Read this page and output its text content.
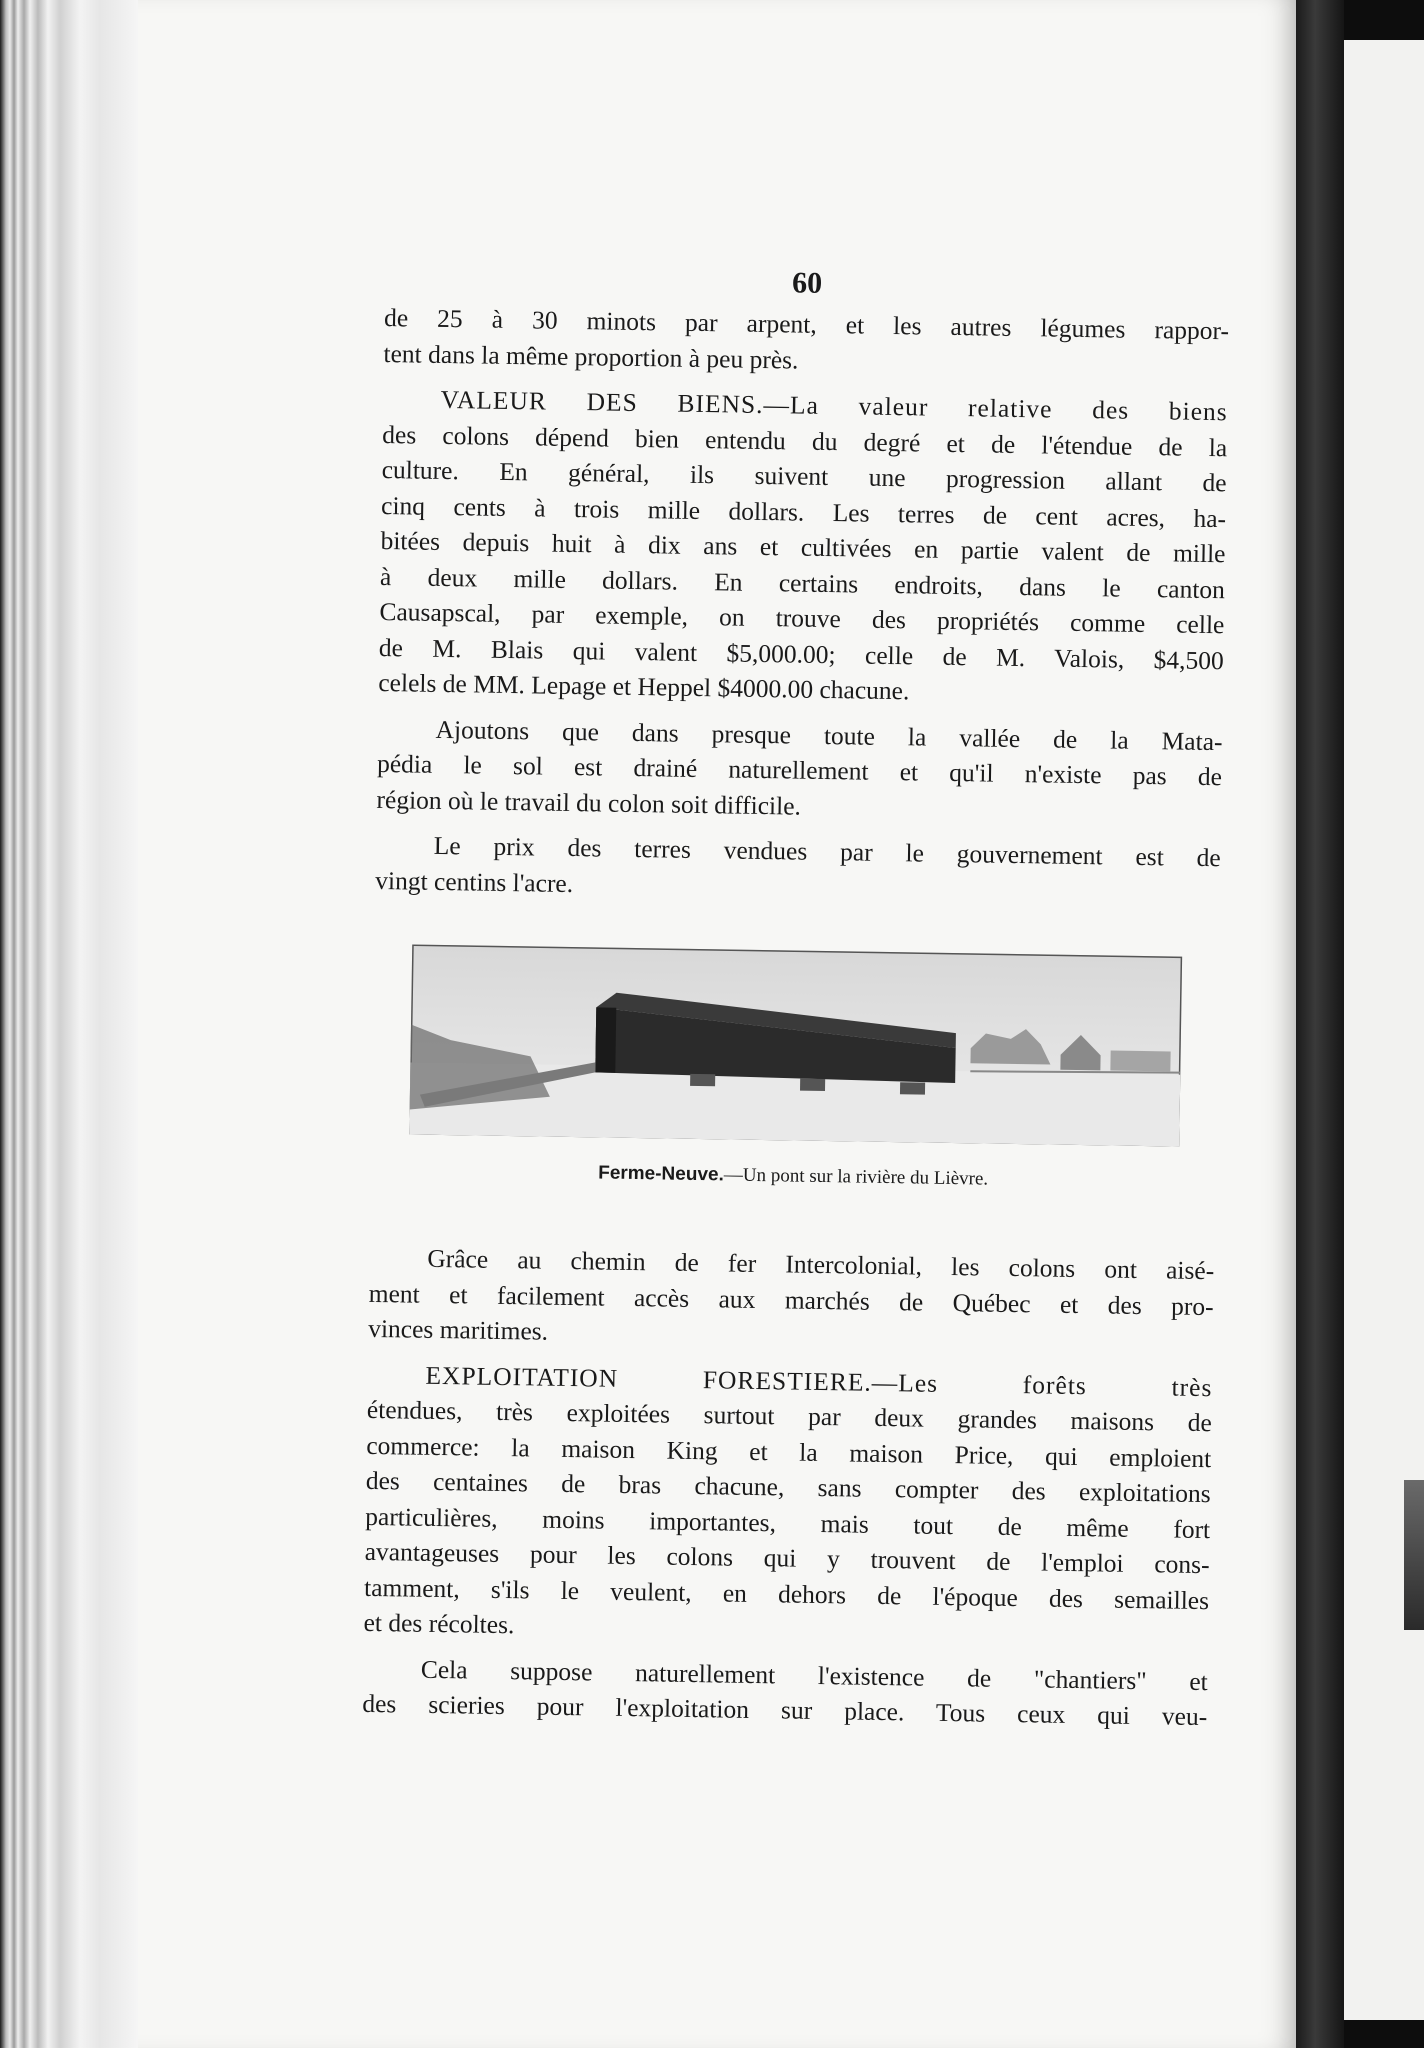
60
de 25 à 30 minots par arpent, et les autres légumes rappor-
tent dans la même proportion à peu près.
VALEUR DES BIENS.—La valeur relative des biens
des colons dépend bien entendu du degré et de l'étendue de la
culture. En général, ils suivent une progression allant de
cinq cents à trois mille dollars. Les terres de cent acres, ha-
bitées depuis huit à dix ans et cultivées en partie valent de mille
à deux mille dollars. En certains endroits, dans le canton
Causapscal, par exemple, on trouve des propriétés comme celle
de M. Blais qui valent $5,000.00; celle de M. Valois, $4,500
celels de MM. Lepage et Heppel $4000.00 chacune.
Ajoutons que dans presque toute la vallée de la Mata-
pédia le sol est drainé naturellement et qu'il n'existe pas de
région où le travail du colon soit difficile.
Le prix des terres vendues par le gouvernement est de
vingt centins l'acre.
Ferme-Neuve.—Un pont sur la rivière du Lièvre.
Grâce au chemin de fer Intercolonial, les colons ont aisé-
ment et facilement accès aux marchés de Québec et des pro-
vinces maritimes.
EXPLOITATION FORESTIERE.—Les forêts très
étendues, très exploitées surtout par deux grandes maisons de
commerce: la maison King et la maison Price, qui emploient
des centaines de bras chacune, sans compter des exploitations
particulières, moins importantes, mais tout de même fort
avantageuses pour les colons qui y trouvent de l'emploi cons-
tamment, s'ils le veulent, en dehors de l'époque des semailles
et des récoltes.
Cela suppose naturellement l'existence de "chantiers" et
des scieries pour l'exploitation sur place. Tous ceux qui veu-
